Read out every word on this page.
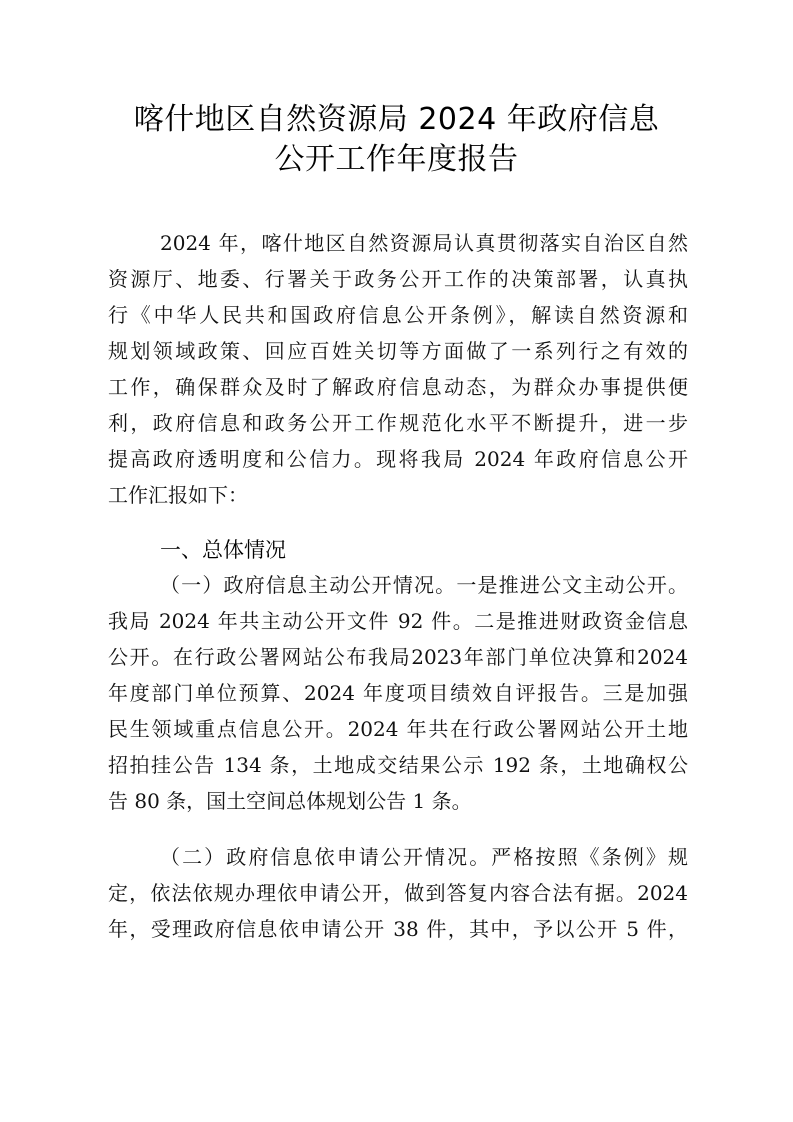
喀什地区自然资源局 2024 年政府信息
公开工作年度报告
2024 年，喀什地区自然资源局认真贯彻落实自治区自然
资源厅、地委、行署关于政务公开工作的决策部署，认真执
行《中华人民共和国政府信息公开条例》，解读自然资源和
规划领域政策、回应百姓关切等方面做了一系列行之有效的
工作，确保群众及时了解政府信息动态，为群众办事提供便
利，政府信息和政务公开工作规范化水平不断提升，进一步
提高政府透明度和公信力。现将我局 2024 年政府信息公开
工作汇报如下：
一、总体情况
（一）政府信息主动公开情况。一是推进公文主动公开。
我局 2024 年共主动公开文件 92 件。二是推进财政资金信息
公开。在行政公署网站公布我局2023年部门单位决算和2024
年度部门单位预算、2024 年度项目绩效自评报告。三是加强
民生领域重点信息公开。2024 年共在行政公署网站公开土地
招拍挂公告 134 条，土地成交结果公示 192 条，土地确权公
告 80 条，国土空间总体规划公告 1 条。
（二）政府信息依申请公开情况。严格按照《条例》规
定，依法依规办理依申请公开，做到答复内容合法有据。2024
年，受理政府信息依申请公开 38 件，其中，予以公开 5 件，
